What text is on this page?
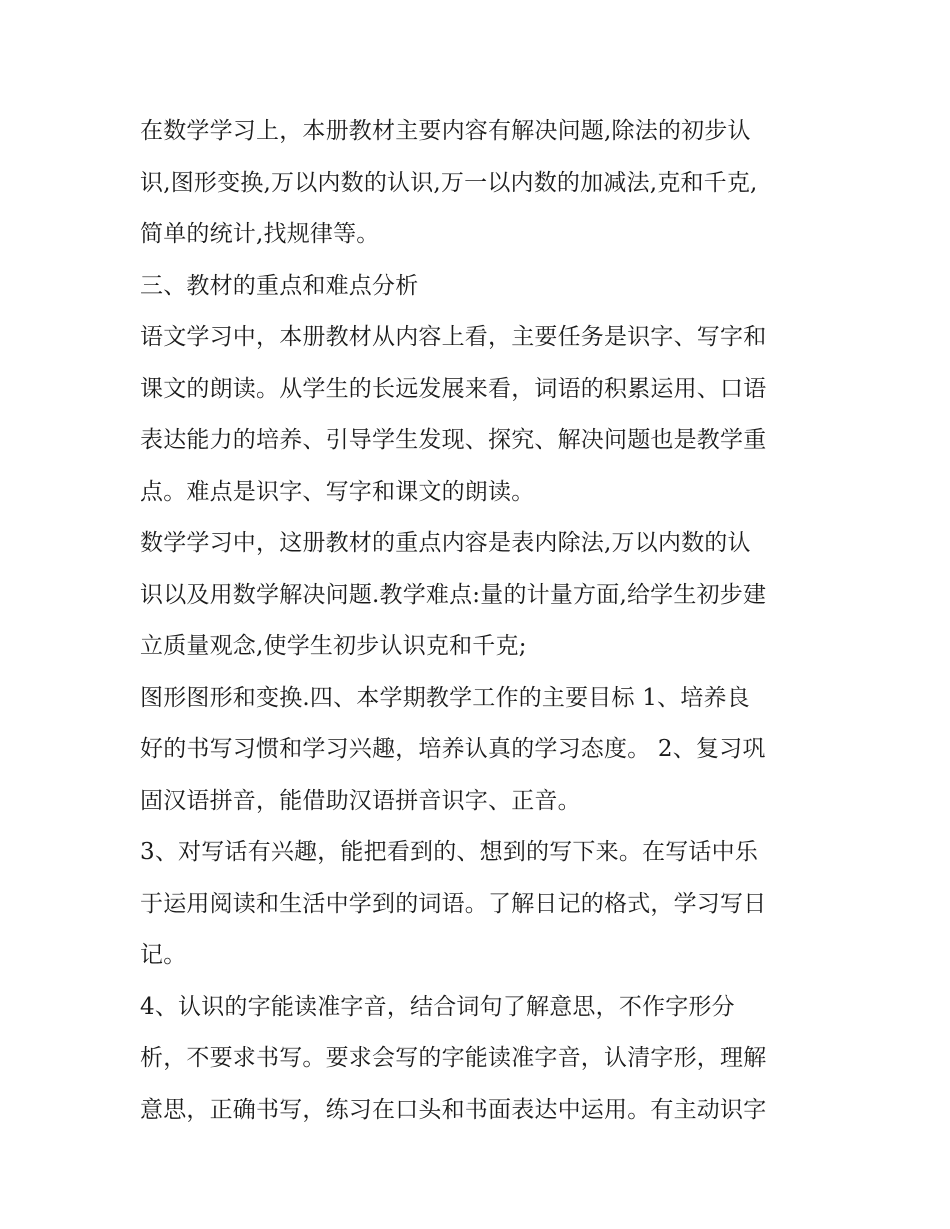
在数学学习上，本册教材主要内容有解决问题,除法的初步认
识,图形变换,万以内数的认识,万一以内数的加减法,克和千克,
简单的统计,找规律等。
三、教材的重点和难点分析
语文学习中，本册教材从内容上看，主要任务是识字、写字和
课文的朗读。从学生的长远发展来看，词语的积累运用、口语
表达能力的培养、引导学生发现、探究、解决问题也是教学重
点。难点是识字、写字和课文的朗读。
数学学习中，这册教材的重点内容是表内除法,万以内数的认
识以及用数学解决问题.教学难点:量的计量方面,给学生初步建
立质量观念,使学生初步认识克和千克;
图形图形和变换.四、本学期教学工作的主要目标 1、培养良
好的书写习惯和学习兴趣，培养认真的学习态度。 2、复习巩
固汉语拼音，能借助汉语拼音识字、正音。
3、对写话有兴趣，能把看到的、想到的写下来。在写话中乐
于运用阅读和生活中学到的词语。了解日记的格式，学习写日
记。
4、认识的字能读准字音，结合词句了解意思，不作字形分
析，不要求书写。要求会写的字能读准字音，认清字形，理解
意思，正确书写，练习在口头和书面表达中运用。有主动识字
